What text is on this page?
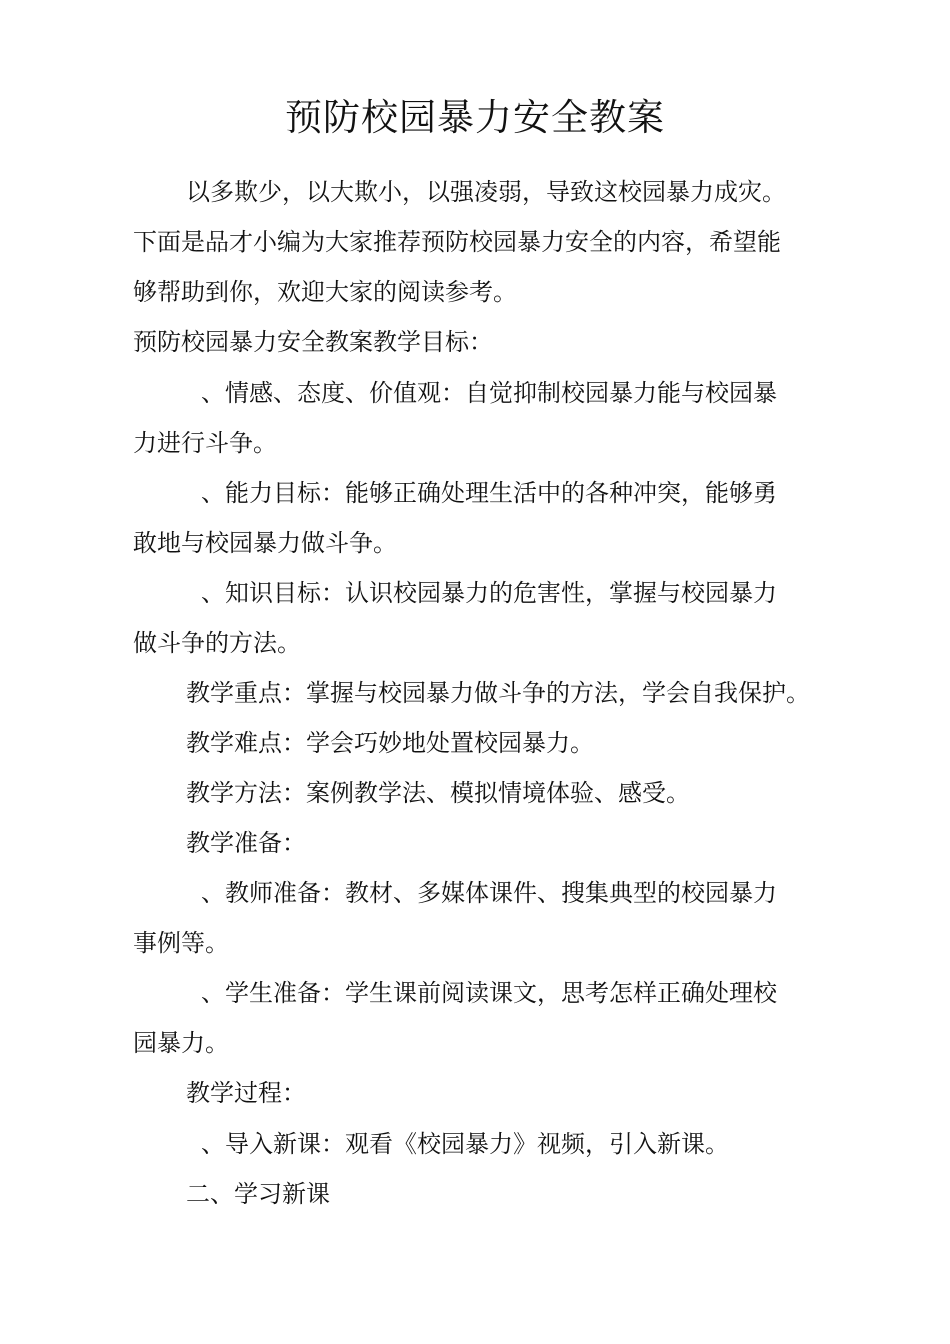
预防校园暴力安全教案

以多欺少，以大欺小，以强凌弱，导致这校园暴力成灾。

下面是品才小编为大家推荐预防校园暴力安全的内容，希望能

够帮助到你，欢迎大家的阅读参考。

预防校园暴力安全教案教学目标：

、情感、态度、价值观：自觉抑制校园暴力能与校园暴

力进行斗争。

、能力目标：能够正确处理生活中的各种冲突，能够勇

敢地与校园暴力做斗争。

、知识目标：认识校园暴力的危害性，掌握与校园暴力

做斗争的方法。

教学重点：掌握与校园暴力做斗争的方法，学会自我保护。

教学难点：学会巧妙地处置校园暴力。

教学方法：案例教学法、模拟情境体验、感受。

教学准备：

、教师准备：教材、多媒体课件、搜集典型的校园暴力

事例等。

、学生准备：学生课前阅读课文，思考怎样正确处理校

园暴力。

教学过程：

、导入新课：观看《校园暴力》视频，引入新课。

二、学习新课
